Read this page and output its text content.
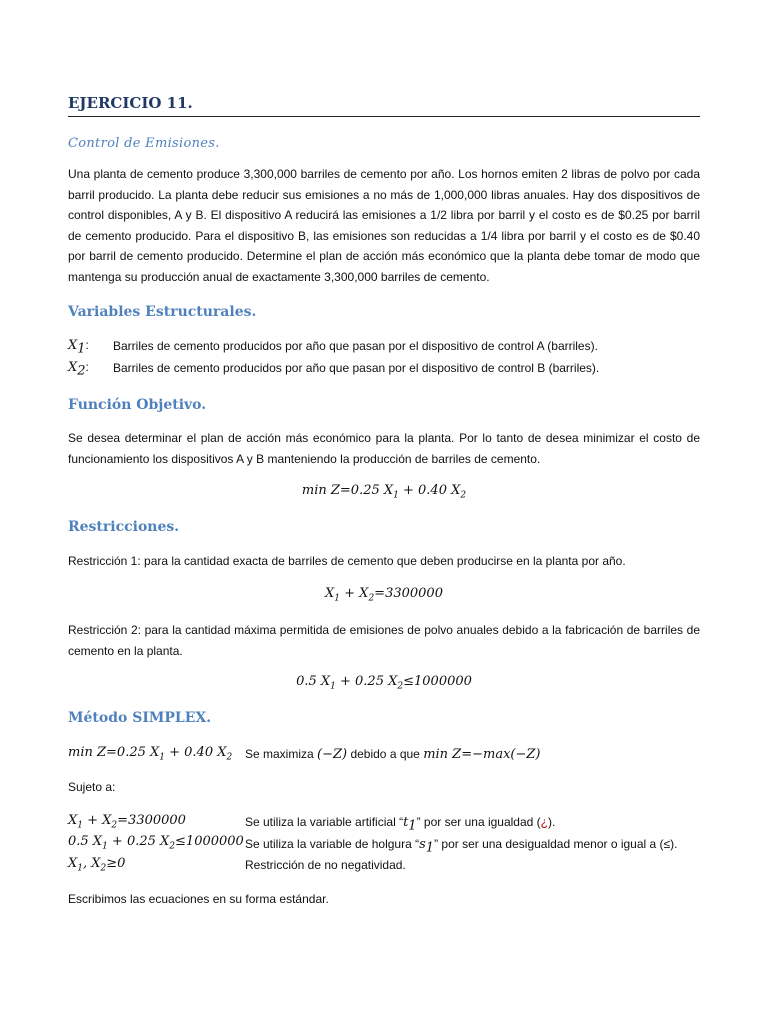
EJERCICIO 11.
Control de Emisiones.
Una planta de cemento produce 3,300,000 barriles de cemento por año. Los hornos emiten 2 libras de polvo por cada barril producido. La planta debe reducir sus emisiones a no más de 1,000,000 libras anuales. Hay dos dispositivos de control disponibles, A y B. El dispositivo A reducirá las emisiones a 1/2 libra por barril y el costo es de $0.25 por barril de cemento producido. Para el dispositivo B, las emisiones son reducidas a 1/4 libra por barril y el costo es de $0.40 por barril de cemento producido. Determine el plan de acción más económico que la planta debe tomar de modo que mantenga su producción anual de exactamente 3,300,000 barriles de cemento.
Variables Estructurales.
$X_1$: Barriles de cemento producidos por año que pasan por el dispositivo de control A (barriles).
$X_2$: Barriles de cemento producidos por año que pasan por el dispositivo de control B (barriles).
Función Objetivo.
Se desea determinar el plan de acción más económico para la planta. Por lo tanto de desea minimizar el costo de funcionamiento los dispositivos A y B manteniendo la producción de barriles de cemento.
min Z=0.25 $X_1 + 0.40$ $X_2$
Restricciones.
Restricción 1: para la cantidad exacta de barriles de cemento que deben producirse en la planta por año.
$X_1 + X_2=3300000$
Restricción 2: para la cantidad máxima permitida de emisiones de polvo anuales debido a la fabricación de barriles de cemento en la planta.
0.5 $X_1 + 0.25$ $X_2\le 1000000$
Método SIMPLEX.
min Z=0.25 $X_1 + 0.40$ $X_2$ Se maximiza (−Z) debido a que min Z=−max(−Z)
Sujeto a:
$X_1 + X_2=3300000$	Se utiliza la variable artificial “$t_1$” por ser una igualdad (¿).
0.5 $X_1 + 0.25$ $X_2\le 1000000$ Se utiliza la variable de holgura “$s_1$” por ser una desigualdad menor o igual a (≤).
$X_1$, $X_2\ge 0$	Restricción de no negatividad.
Escribimos las ecuaciones en su forma estándar.
